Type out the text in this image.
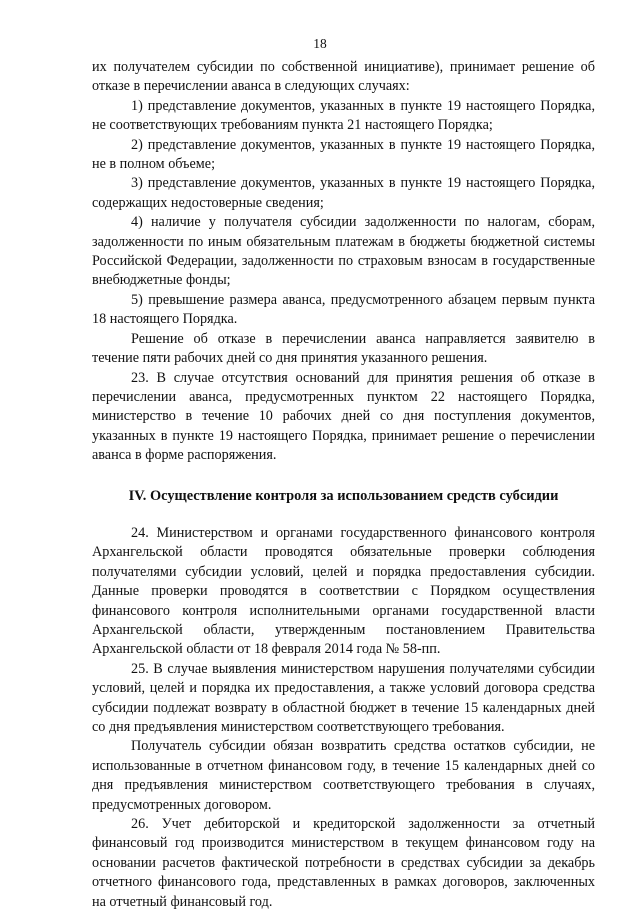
18

их получателем субсидии по собственной инициативе), принимает решение об отказе в перечислении аванса в следующих случаях:

1) представление документов, указанных в пункте 19 настоящего Порядка, не соответствующих требованиям пункта 21 настоящего Порядка;

2) представление документов, указанных в пункте 19 настоящего Порядка, не в полном объеме;

3) представление документов, указанных в пункте 19 настоящего Порядка, содержащих недостоверные сведения;

4) наличие у получателя субсидии задолженности по налогам, сборам, задолженности по иным обязательным платежам в бюджеты бюджетной системы Российской Федерации, задолженности по страховым взносам в государственные внебюджетные фонды;

5) превышение размера аванса, предусмотренного абзацем первым пункта 18 настоящего Порядка.

Решение об отказе в перечислении аванса направляется заявителю в течение пяти рабочих дней со дня принятия указанного решения.

23. В случае отсутствия оснований для принятия решения об отказе в перечислении аванса, предусмотренных пунктом 22 настоящего Порядка, министерство в течение 10 рабочих дней со дня поступления документов, указанных в пункте 19 настоящего Порядка, принимает решение о перечислении аванса в форме распоряжения.

IV. Осуществление контроля за использованием средств субсидии

24. Министерством и органами государственного финансового контроля Архангельской области проводятся обязательные проверки соблюдения получателями субсидии условий, целей и порядка предоставления субсидии. Данные проверки проводятся в соответствии с Порядком осуществления финансового контроля исполнительными органами государственной власти Архангельской области, утвержденным постановлением Правительства Архангельской области от 18 февраля 2014 года № 58-пп.

25. В случае выявления министерством нарушения получателями субсидии условий, целей и порядка их предоставления, а также условий договора средства субсидии подлежат возврату в областной бюджет в течение 15 календарных дней со дня предъявления министерством соответствующего требования.

Получатель субсидии обязан возвратить средства остатков субсидии, не использованные в отчетном финансовом году, в течение 15 календарных дней со дня предъявления министерством соответствующего требования в случаях, предусмотренных договором.

26. Учет дебиторской и кредиторской задолженности за отчетный финансовый год производится министерством в текущем финансовом году на основании расчетов фактической потребности в средствах субсидии за декабрь отчетного финансового года, представленных в рамках договоров, заключенных на отчетный финансовый год.
